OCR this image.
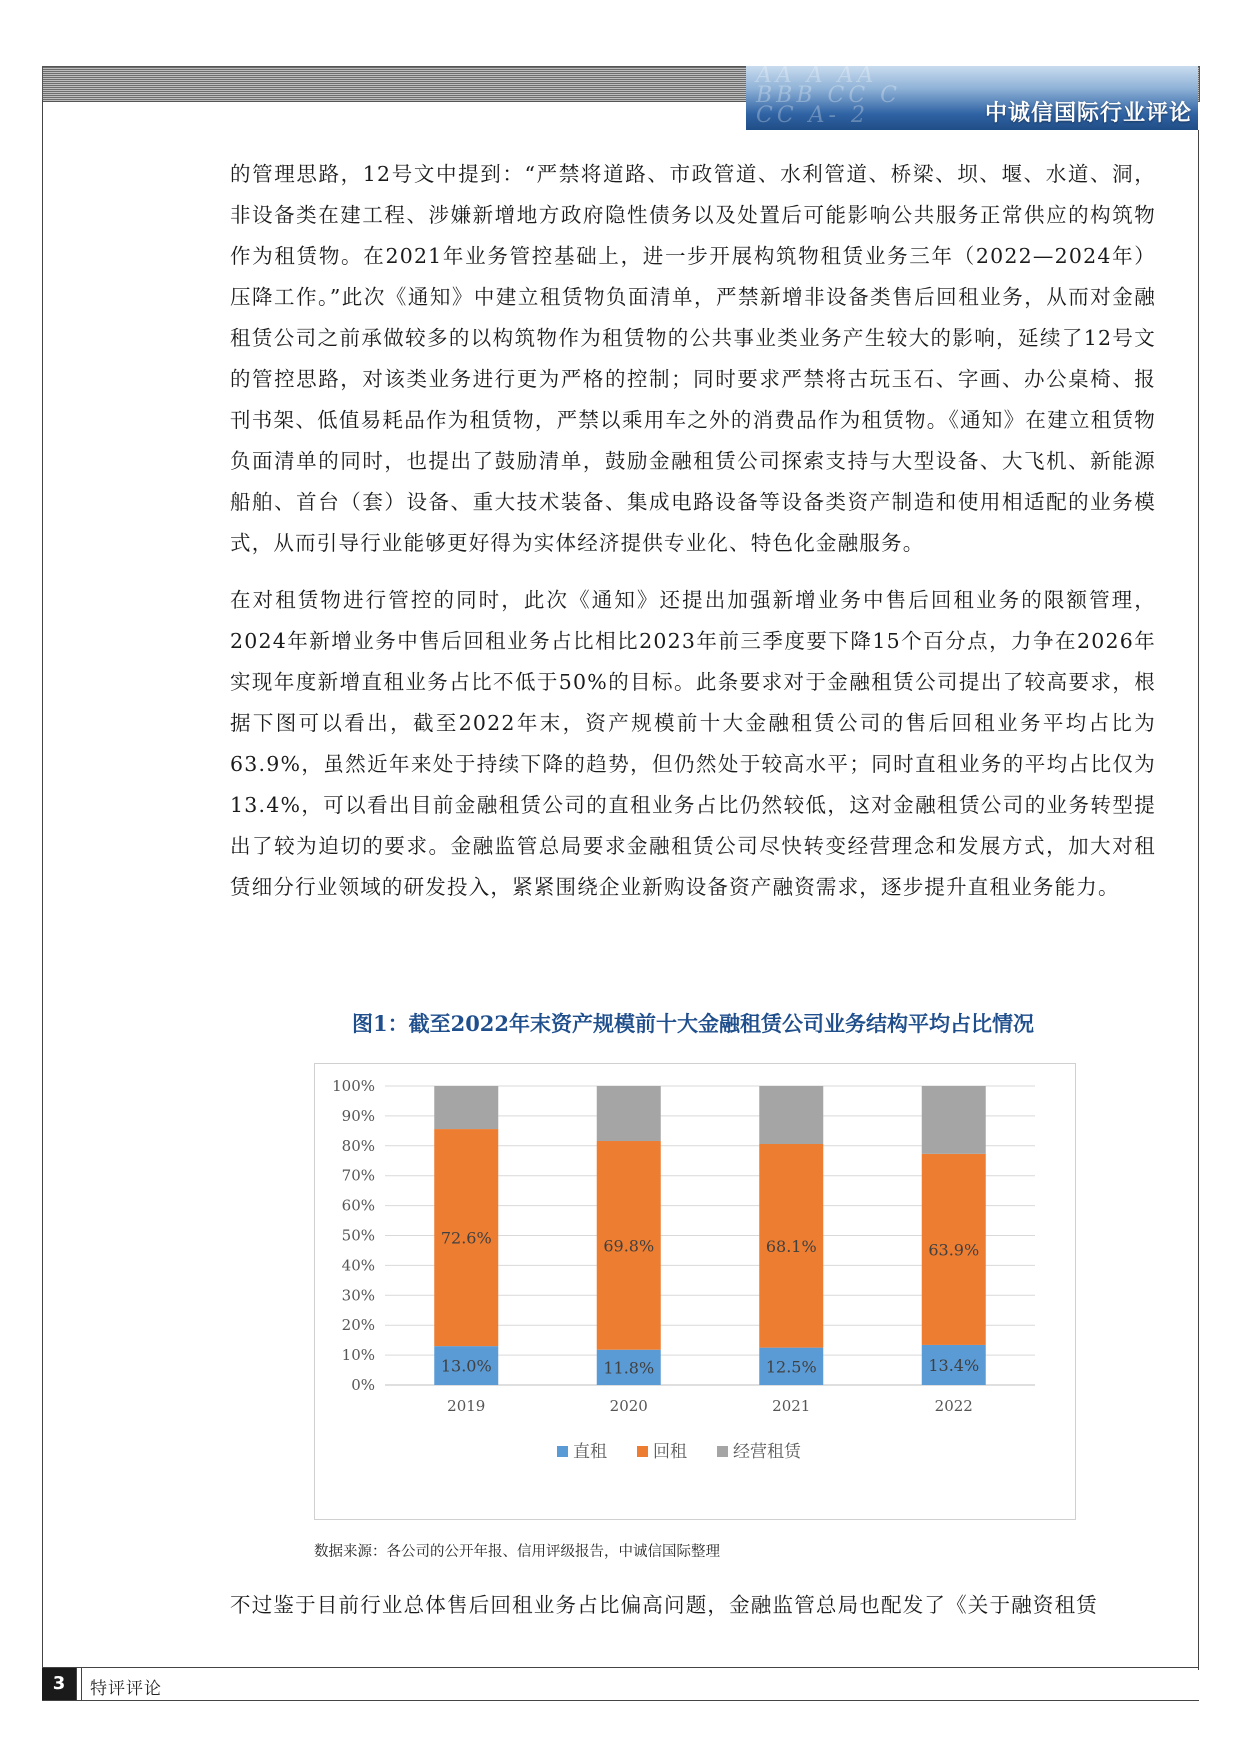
AA A AA
BBB CC C
CC A- 2	中诚信国际行业评论

的管理思路，12号文中提到：“严禁将道路、市政管道、水利管道、桥梁、坝、堰、水道、洞，非设备类在建工程、涉嫌新增地方政府隐性债务以及处置后可能影响公共服务正常供应的构筑物作为租赁物。在2021年业务管控基础上，进一步开展构筑物租赁业务三年（2022—2024年）压降工作。”此次《通知》中建立租赁物负面清单，严禁新增非设备类售后回租业务，从而对金融租赁公司之前承做较多的以构筑物作为租赁物的公共事业类业务产生较大的影响，延续了12号文的管控思路，对该类业务进行更为严格的控制；同时要求严禁将古玩玉石、字画、办公桌椅、报刊书架、低值易耗品作为租赁物，严禁以乘用车之外的消费品作为租赁物。《通知》在建立租赁物负面清单的同时，也提出了鼓励清单，鼓励金融租赁公司探索支持与大型设备、大飞机、新能源船舶、首台（套）设备、重大技术装备、集成电路设备等设备类资产制造和使用相适配的业务模式，从而引导行业能够更好得为实体经济提供专业化、特色化金融服务。

在对租赁物进行管控的同时，此次《通知》还提出加强新增业务中售后回租业务的限额管理，2024年新增业务中售后回租业务占比相比2023年前三季度要下降15个百分点，力争在2026年实现年度新增直租业务占比不低于50%的目标。此条要求对于金融租赁公司提出了较高要求，根据下图可以看出，截至2022年末，资产规模前十大金融租赁公司的售后回租业务平均占比为63.9%，虽然近年来处于持续下降的趋势，但仍然处于较高水平；同时直租业务的平均占比仅为13.4%，可以看出目前金融租赁公司的直租业务占比仍然较低，这对金融租赁公司的业务转型提出了较为迫切的要求。金融监管总局要求金融租赁公司尽快转变经营理念和发展方式，加大对租赁细分行业领域的研发投入，紧紧围绕企业新购设备资产融资需求，逐步提升直租业务能力。

图1：截至2022年末资产规模前十大金融租赁公司业务结构平均占比情况
0%
10%
20%
30%
40%
50%
60%
70%
80%
90%
100%
13.0%
72.6%
2019
11.8%
69.8%
2020
12.5%
68.1%
2021
13.4%
63.9%
2022
直租	回租	经营租赁
数据来源：各公司的公开年报、信用评级报告，中诚信国际整理

不过鉴于目前行业总体售后回租业务占比偏高问题，金融监管总局也配发了《关于融资租赁

3	特评评论
